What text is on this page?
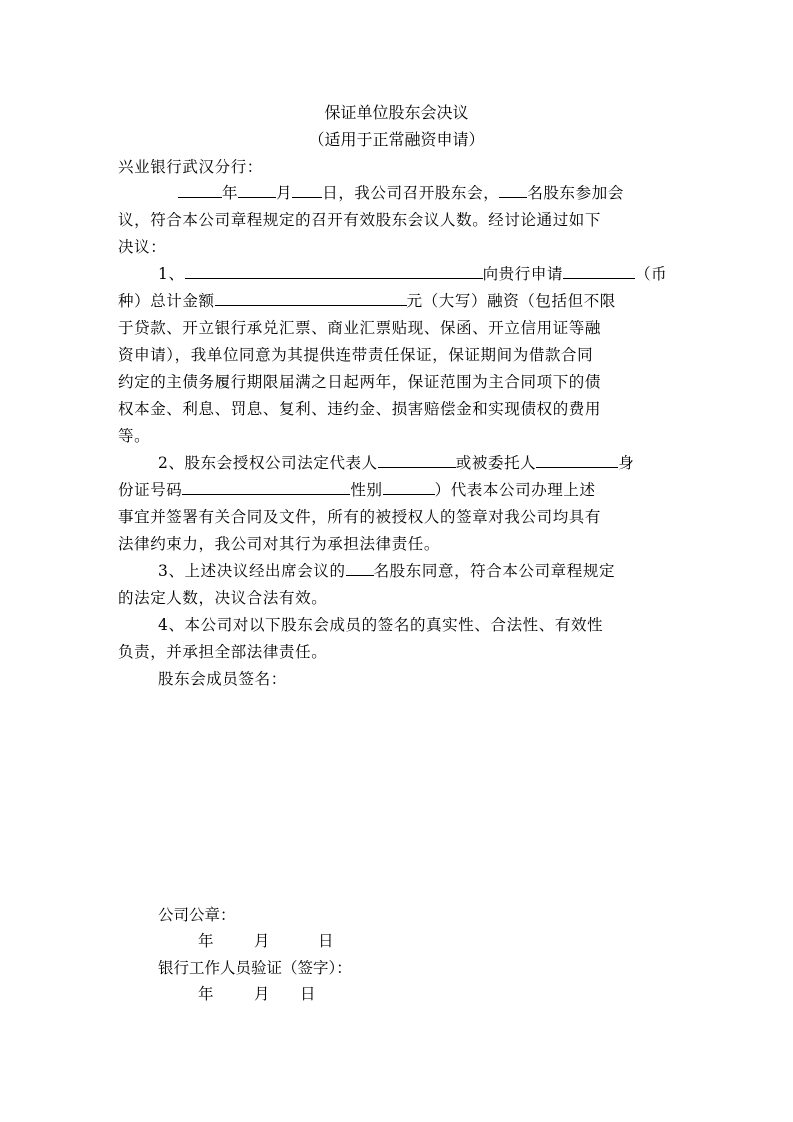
保证单位股东会决议
（适用于正常融资申请）
兴业银行武汉分行：
年 月 日，我公司召开股东会， 名股东参加会
议，符合本公司章程规定的召开有效股东会议人数。经讨论通过如下
决议：
1、	向贵行申请	（币
种）总计金额	元（大写）融资（包括但不限
于贷款、开立银行承兑汇票、商业汇票贴现、保函、开立信用证等融
资申请），我单位同意为其提供连带责任保证，保证期间为借款合同
约定的主债务履行期限届满之日起两年，保证范围为主合同项下的债
权本金、利息、罚息、复利、违约金、损害赔偿金和实现债权的费用
等。
2、股东会授权公司法定代表人	或被委托人	身
份证号码	性别	）代表本公司办理上述
事宜并签署有关合同及文件，所有的被授权人的签章对我公司均具有
法律约束力，我公司对其行为承担法律责任。
3、上述决议经出席会议的 名股东同意，符合本公司章程规定
的法定人数，决议合法有效。
4、本公司对以下股东会成员的签名的真实性、合法性、有效性
负责，并承担全部法律责任。
股东会成员签名：
公司公章：
年	月	日
银行工作人员验证（签字）：
年	月 日
